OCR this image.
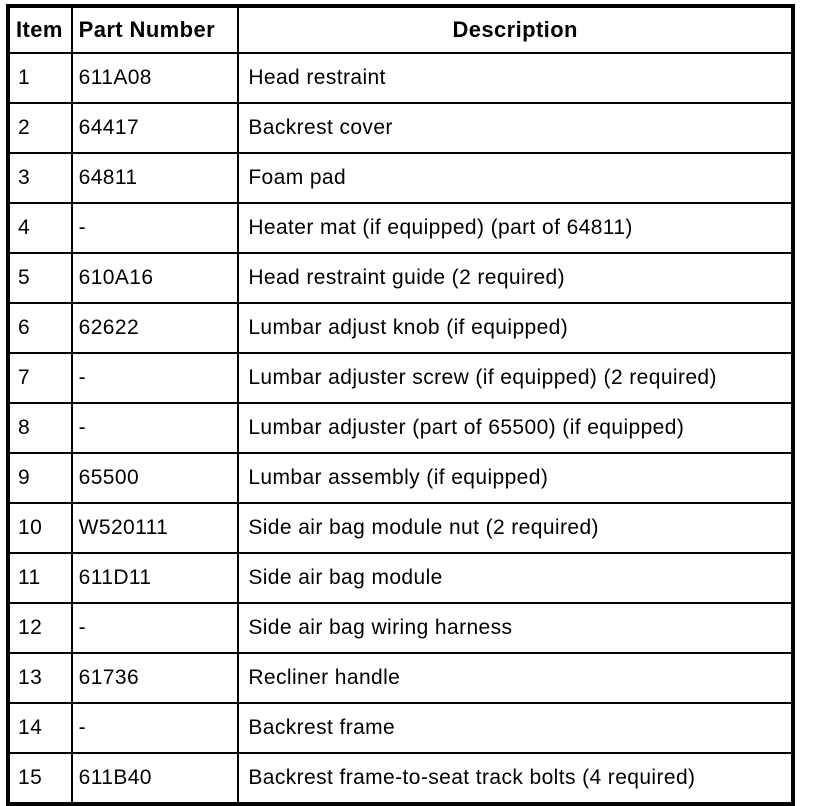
Item	Part Number	Description
1	611A08	Head restraint
2	64417	Backrest cover
3	64811	Foam pad
4	-	Heater mat (if equipped) (part of 64811)
5	610A16	Head restraint guide (2 required)
6	62622	Lumbar adjust knob (if equipped)
7	-	Lumbar adjuster screw (if equipped) (2 required)
8	-	Lumbar adjuster (part of 65500) (if equipped)
9	65500	Lumbar assembly (if equipped)
10	W520111	Side air bag module nut (2 required)
11	611D11	Side air bag module
12	-	Side air bag wiring harness
13	61736	Recliner handle
14	-	Backrest frame
15	611B40	Backrest frame-to-seat track bolts (4 required)
